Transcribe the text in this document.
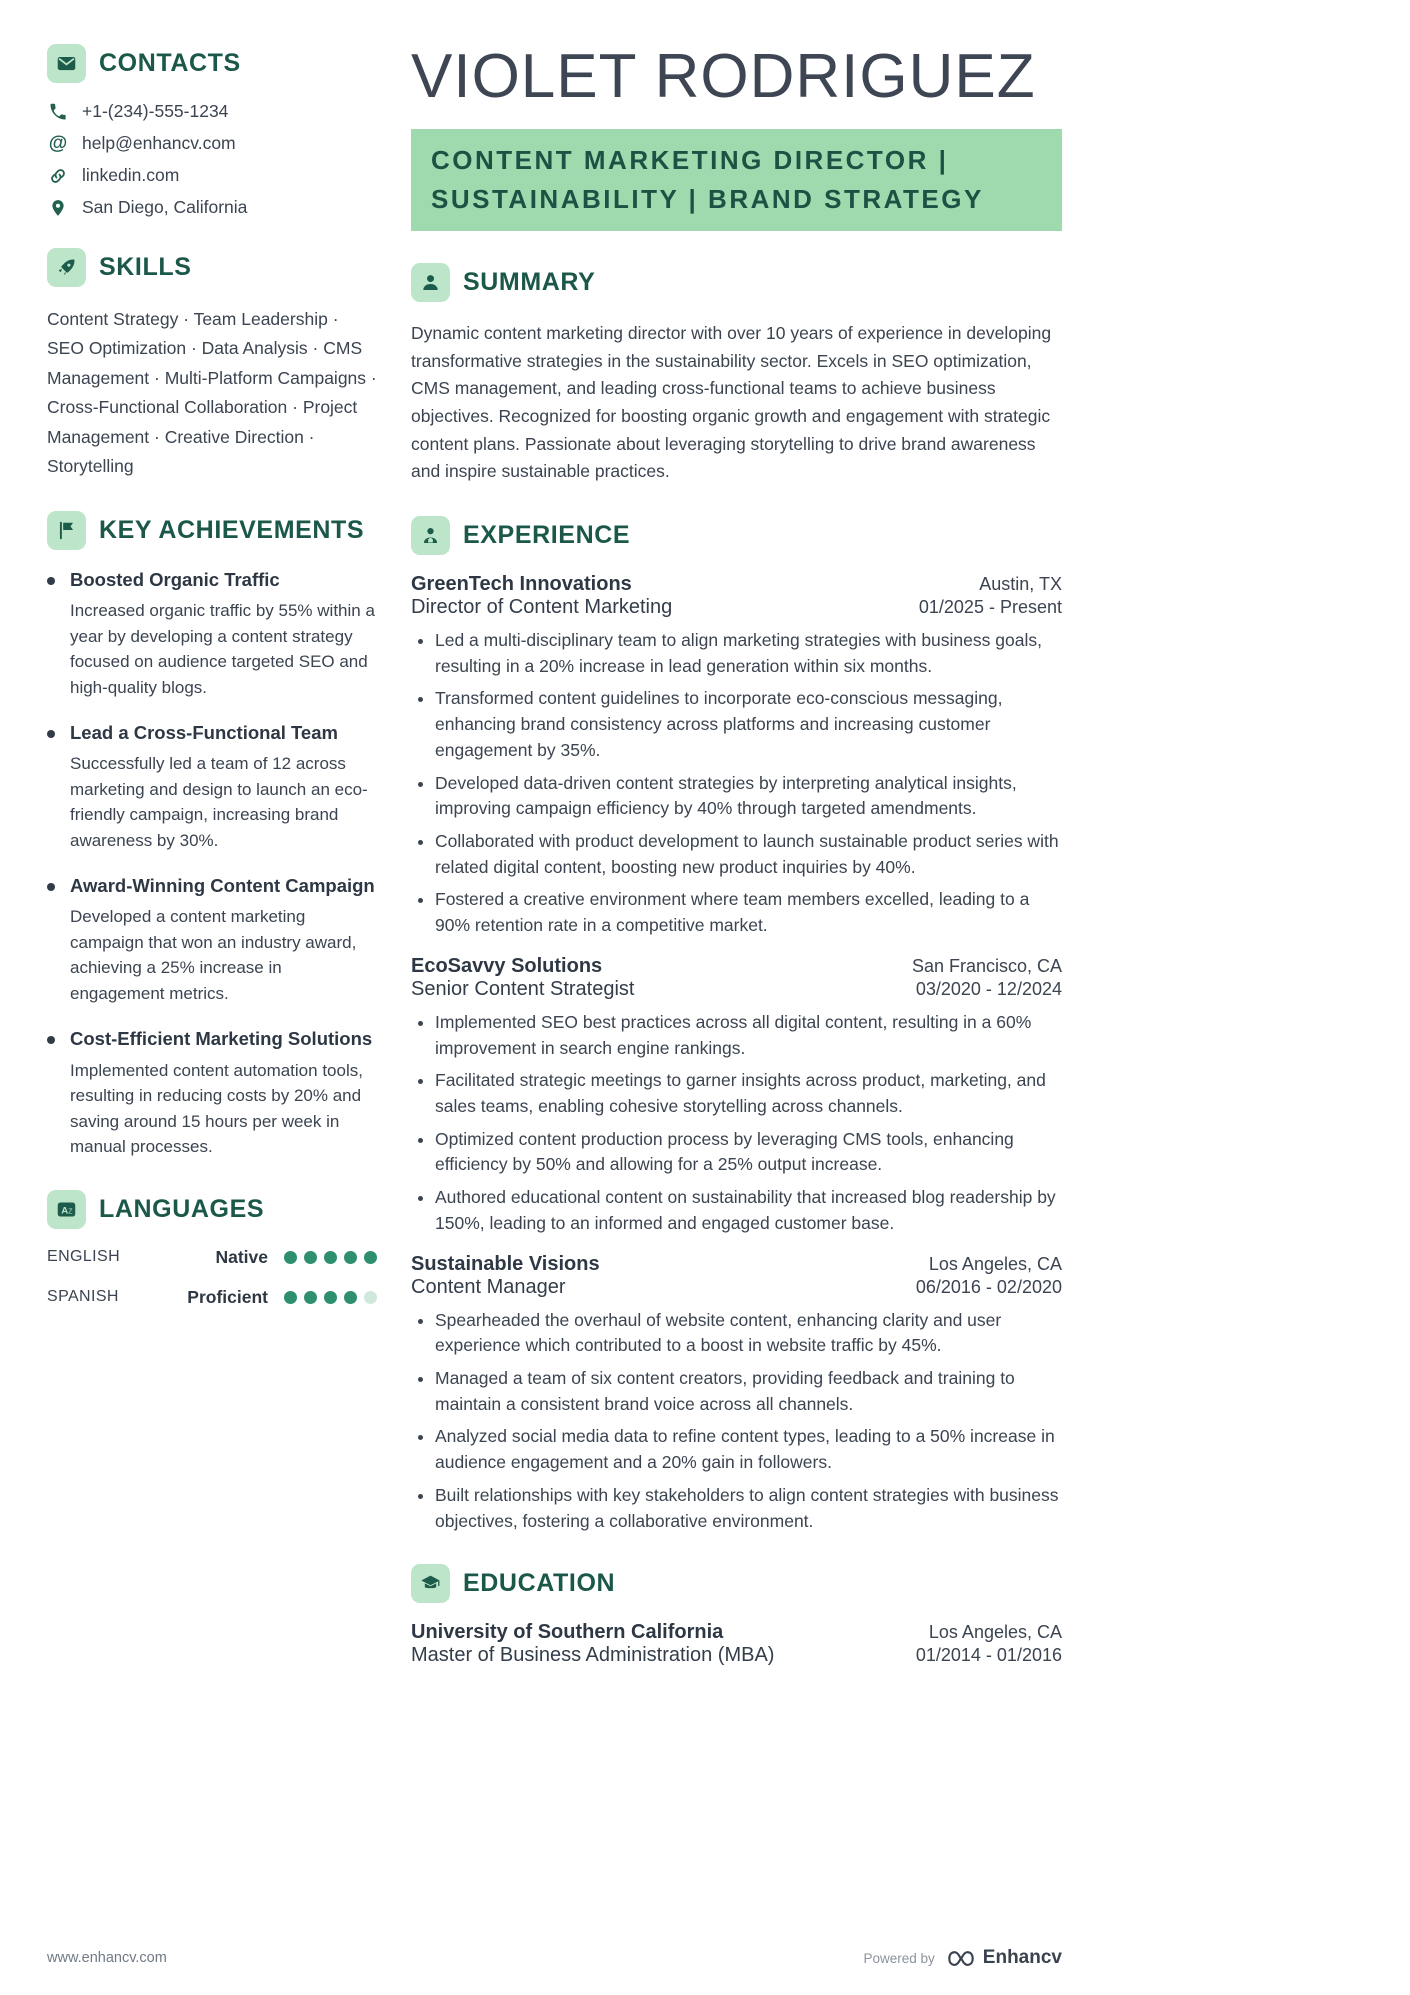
CONTACTS
+1-(234)-555-1234
@ help@enhancv.com
linkedin.com
San Diego, California
SKILLS

Content Strategy · Team Leadership · SEO Optimization · Data Analysis · CMS Management · Multi-Platform Campaigns · Cross-Functional Collaboration · Project Management · Creative Direction · Storytelling

KEY ACHIEVEMENTS
Boosted Organic Traffic

Increased organic traffic by 55% within a year by developing a content strategy focused on audience targeted SEO and high-quality blogs.

Lead a Cross-Functional Team

Successfully led a team of 12 across marketing and design to launch an eco-friendly campaign, increasing brand awareness by 30%.

Award-Winning Content Campaign

Developed a content marketing campaign that won an industry award, achieving a 25% increase in engagement metrics.

Cost-Efficient Marketing Solutions

Implemented content automation tools, resulting in reducing costs by 20% and saving around 15 hours per week in manual processes.

A Z LANGUAGES
ENGLISH	Native
SPANISH	Proficient
VIOLET RODRIGUEZ
CONTENT MARKETING DIRECTOR | SUSTAINABILITY | BRAND STRATEGY
SUMMARY

Dynamic content marketing director with over 10 years of experience in developing transformative strategies in the sustainability sector. Excels in SEO optimization, CMS management, and leading cross-functional teams to achieve business objectives. Recognized for boosting organic growth and engagement with strategic content plans. Passionate about leveraging storytelling to drive brand awareness and inspire sustainable practices.

EXPERIENCE
GreenTech Innovations	Austin, TX
Director of Content Marketing	01/2025 - Present
• Led a multi-disciplinary team to align marketing strategies with business goals, resulting in a 20% increase in lead generation within six months.
• Transformed content guidelines to incorporate eco-conscious messaging, enhancing brand consistency across platforms and increasing customer engagement by 35%.
• Developed data-driven content strategies by interpreting analytical insights, improving campaign efficiency by 40% through targeted amendments.
• Collaborated with product development to launch sustainable product series with related digital content, boosting new product inquiries by 40%.
• Fostered a creative environment where team members excelled, leading to a 90% retention rate in a competitive market.
EcoSavvy Solutions	San Francisco, CA
Senior Content Strategist	03/2020 - 12/2024
• Implemented SEO best practices across all digital content, resulting in a 60% improvement in search engine rankings.
• Facilitated strategic meetings to garner insights across product, marketing, and sales teams, enabling cohesive storytelling across channels.
• Optimized content production process by leveraging CMS tools, enhancing efficiency by 50% and allowing for a 25% output increase.
• Authored educational content on sustainability that increased blog readership by 150%, leading to an informed and engaged customer base.
Sustainable Visions	Los Angeles, CA
Content Manager	06/2016 - 02/2020
• Spearheaded the overhaul of website content, enhancing clarity and user experience which contributed to a boost in website traffic by 45%.
• Managed a team of six content creators, providing feedback and training to maintain a consistent brand voice across all channels.
• Analyzed social media data to refine content types, leading to a 50% increase in audience engagement and a 20% gain in followers.
• Built relationships with key stakeholders to align content strategies with business objectives, fostering a collaborative environment.
EDUCATION
University of Southern California	Los Angeles, CA
Master of Business Administration (MBA)	01/2014 - 01/2016
www.enhancv.com	Powered by	Enhancv
